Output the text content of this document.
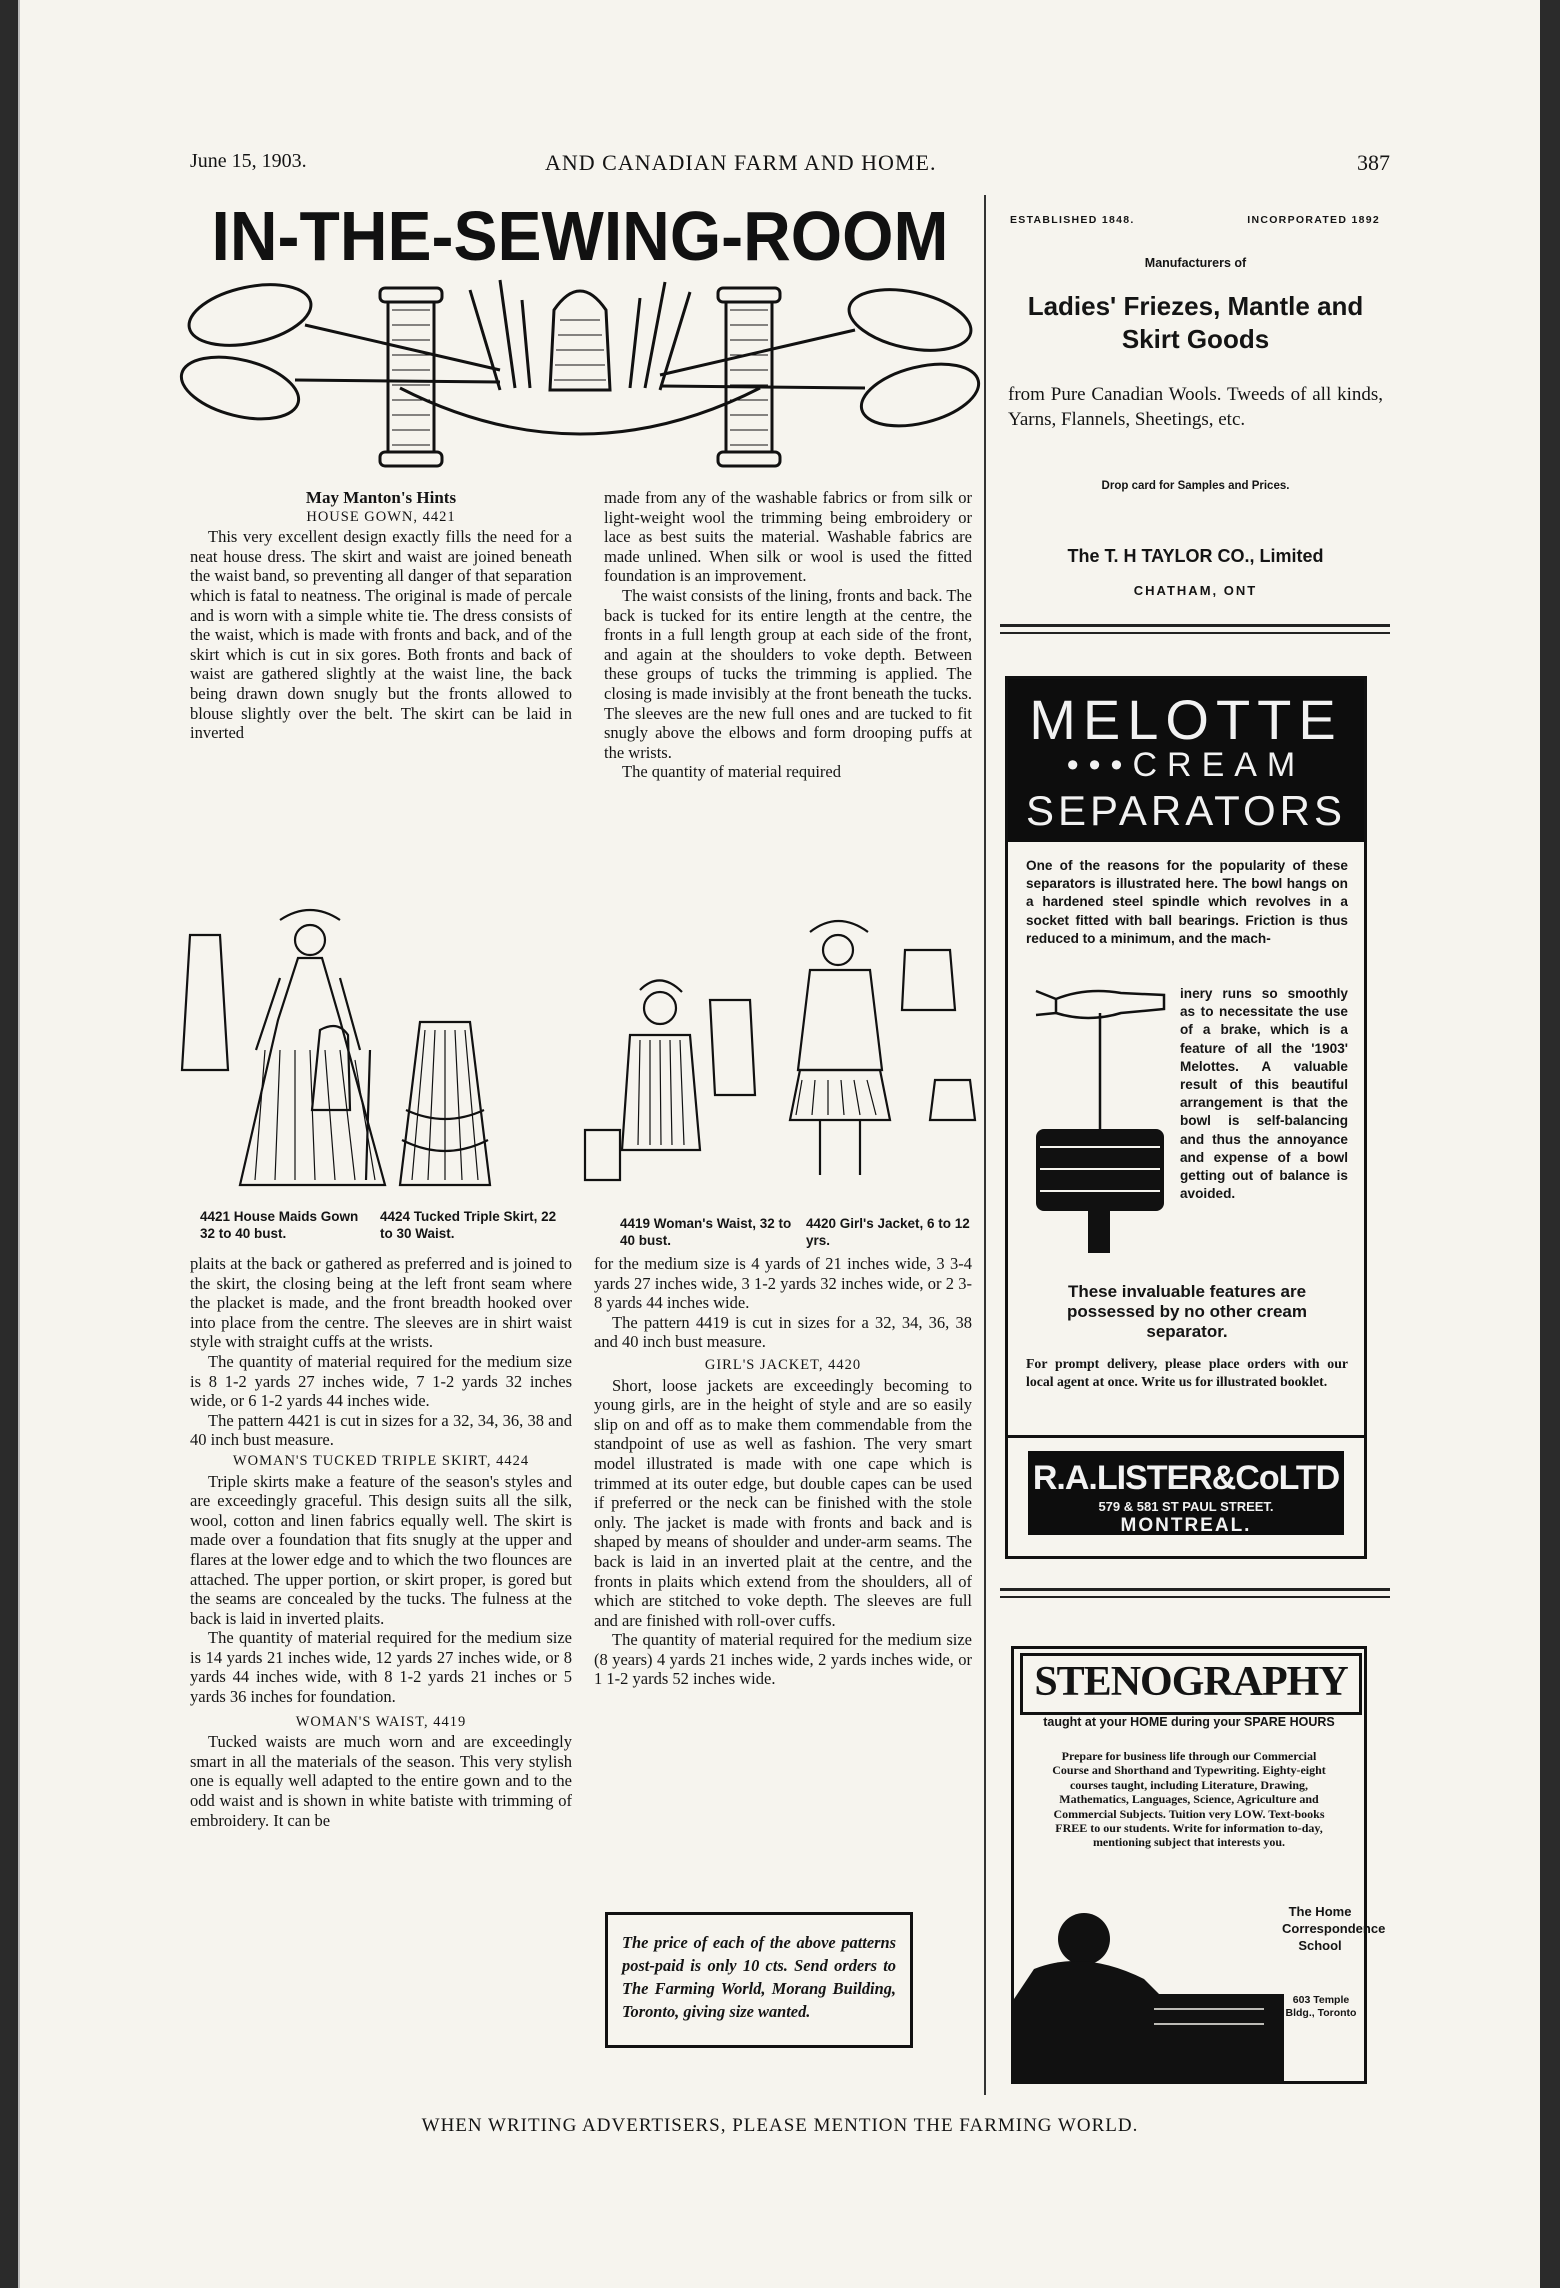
June 15, 1903.	AND CANADIAN FARM AND HOME.	387
IN-THE-SEWING-ROOM

May Manton's Hints

HOUSE GOWN, 4421

This very excellent design exactly fills the need for a neat house dress. The skirt and waist are joined beneath the waist band, so preventing all danger of that separation which is fatal to neatness. The original is made of percale and is worn with a simple white tie. The dress consists of the waist, which is made with fronts and back, and of the skirt which is cut in six gores. Both fronts and back of waist are gathered slightly at the waist line, the back being drawn down snugly but the fronts allowed to blouse slightly over the belt. The skirt can be laid in inverted

made from any of the washable fabrics or from silk or light-weight wool the trimming being embroidery or lace as best suits the material. Washable fabrics are made unlined. When silk or wool is used the fitted foundation is an improvement.

The waist consists of the lining, fronts and back. The back is tucked for its entire length at the centre, the fronts in a full length group at each side of the front, and again at the shoulders to voke depth. Between these groups of tucks the trimming is applied. The closing is made invisibly at the front beneath the tucks. The sleeves are the new full ones and are tucked to fit snugly above the elbows and form drooping puffs at the wrists.

The quantity of material required

4421 House Maids Gown 32 to 40 bust.
4424 Tucked Triple Skirt, 22 to 30 Waist.
4419 Woman's Waist, 32 to 40 bust.
4420 Girl's Jacket, 6 to 12 yrs.

plaits at the back or gathered as preferred and is joined to the skirt, the closing being at the left front seam where the placket is made, and the front breadth hooked over into place from the centre. The sleeves are in shirt waist style with straight cuffs at the wrists.

The quantity of material required for the medium size is 8 1-2 yards 27 inches wide, 7 1-2 yards 32 inches wide, or 6 1-2 yards 44 inches wide.

The pattern 4421 is cut in sizes for a 32, 34, 36, 38 and 40 inch bust measure.

WOMAN'S TUCKED TRIPLE SKIRT, 4424

Triple skirts make a feature of the season's styles and are exceedingly graceful. This design suits all the silk, wool, cotton and linen fabrics equally well. The skirt is made over a foundation that fits snugly at the upper and flares at the lower edge and to which the two flounces are attached. The upper portion, or skirt proper, is gored but the seams are concealed by the tucks. The fulness at the back is laid in inverted plaits.

The quantity of material required for the medium size is 14 yards 21 inches wide, 12 yards 27 inches wide, or 8 yards 44 inches wide, with 8 1-2 yards 21 inches or 5 yards 36 inches for foundation.

WOMAN'S WAIST, 4419

Tucked waists are much worn and are exceedingly smart in all the materials of the season. This very stylish one is equally well adapted to the entire gown and to the odd waist and is shown in white batiste with trimming of embroidery. It can be

for the medium size is 4 yards of 21 inches wide, 3 3-4 yards 27 inches wide, 3 1-2 yards 32 inches wide, or 2 3-8 yards 44 inches wide.

The pattern 4419 is cut in sizes for a 32, 34, 36, 38 and 40 inch bust measure.

GIRL'S JACKET, 4420

Short, loose jackets are exceedingly becoming to young girls, are in the height of style and are so easily slip on and off as to make them commendable from the standpoint of use as well as fashion. The very smart model illustrated is made with one cape which is trimmed at its outer edge, but double capes can be used if preferred or the neck can be finished with the stole only. The jacket is made with fronts and back and is shaped by means of shoulder and under-arm seams. The back is laid in an inverted plait at the centre, and the fronts in plaits which extend from the shoulders, all of which are stitched to voke depth. The sleeves are full and are finished with roll-over cuffs.

The quantity of material required for the medium size (8 years) 4 yards 21 inches wide, 2 yards inches wide, or 1 1-2 yards 52 inches wide.

The price of each of the above patterns post-paid is only 10 cts. Send orders to The Farming World, Morang Building, Toronto, giving size wanted.
ESTABLISHED 1848.	INCORPORATED 1892
Manufacturers of
Ladies' Friezes, Mantle and Skirt Goods
from Pure Canadian Wools. Tweeds of all kinds, Yarns, Flannels, Sheetings, etc.
Drop card for Samples and Prices.
The T. H TAYLOR CO., Limited
CHATHAM, ONT
MELOTTE
•••CREAM
SEPARATORS
One of the reasons for the popularity of these separators is illustrated here. The bowl hangs on a hardened steel spindle which revolves in a socket fitted with ball bearings. Friction is thus reduced to a minimum, and the mach-
inery runs so smoothly as to necessitate the use of a brake, which is a feature of all the '1903' Melottes. A valuable result of this beautiful arrangement is that the bowl is self-balancing and thus the annoyance and expense of a bowl getting out of balance is avoided.
These invaluable features are possessed by no other cream separator.
For prompt delivery, please place orders with our local agent at once. Write us for illustrated booklet.
R.A.LISTER&CoLTD
579 & 581 ST PAUL STREET.
MONTREAL.
STENOGRAPHY
taught at your HOME during your SPARE HOURS
Prepare for business life through our Commercial Course and Shorthand and Typewriting. Eighty-eight courses taught, including Literature, Drawing, Mathematics, Languages, Science, Agriculture and Commercial Subjects. Tuition very LOW. Text-books FREE to our students. Write for information to-day, mentioning subject that interests you.
The Home Correspondence School
603 Temple Bldg., Toronto
WHEN WRITING ADVERTISERS, PLEASE MENTION THE FARMING WORLD.
